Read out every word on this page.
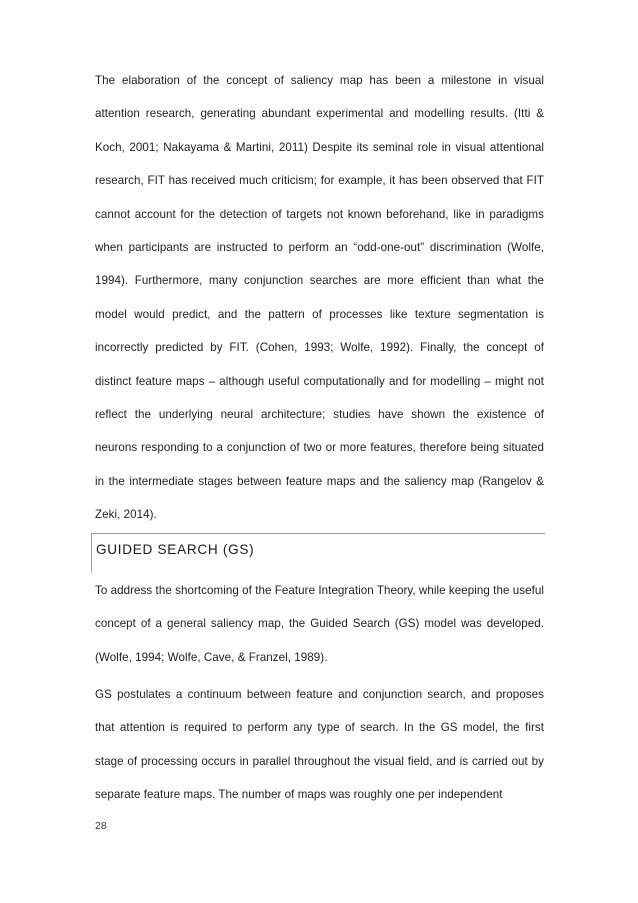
The elaboration of the concept of saliency map has been a milestone in visual attention research, generating abundant experimental and modelling results. (Itti & Koch, 2001; Nakayama & Martini, 2011) Despite its seminal role in visual attentional research, FIT has received much criticism; for example, it has been observed that FIT cannot account for the detection of targets not known beforehand, like in paradigms when participants are instructed to perform an “odd-one-out” discrimination (Wolfe, 1994). Furthermore, many conjunction searches are more efficient than what the model would predict, and the pattern of processes like texture segmentation is incorrectly predicted by FIT. (Cohen, 1993; Wolfe, 1992). Finally, the concept of distinct feature maps – although useful computationally and for modelling – might not reflect the underlying neural architecture; studies have shown the existence of neurons responding to a conjunction of two or more features, therefore being situated in the intermediate stages between feature maps and the saliency map (Rangelov & Zeki, 2014).

GUIDED SEARCH (GS)

To address the shortcoming of the Feature Integration Theory, while keeping the useful concept of a general saliency map, the Guided Search (GS) model was developed. (Wolfe, 1994; Wolfe, Cave, & Franzel, 1989).

GS postulates a continuum between feature and conjunction search, and proposes that attention is required to perform any type of search. In the GS model, the first stage of processing occurs in parallel throughout the visual field, and is carried out by separate feature maps. The number of maps was roughly one per independent

28
